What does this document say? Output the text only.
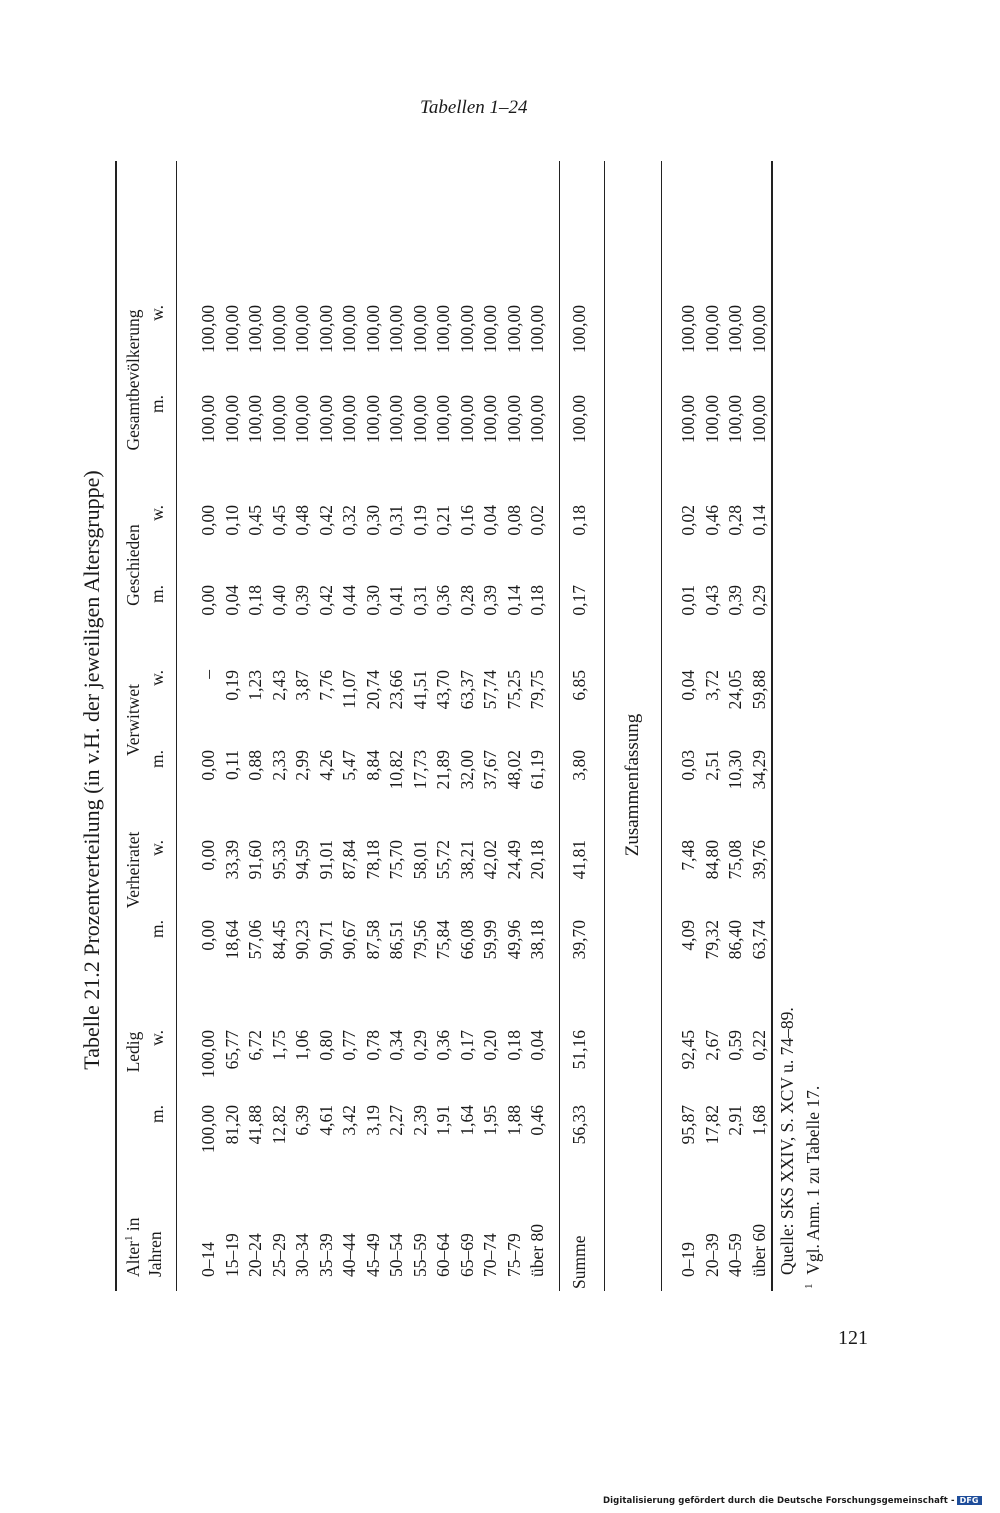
Tabellen 1–24
Tabelle 21.2 Prozentverteilung (in v.H. der jeweiligen Altersgruppe)
Alter$^1$ in
Jahren
Ledig
Verheiratet
Verwitwet
Geschieden
Gesamtbevölkerung
m.
w.
m.
w.
m.
w.
m.
w.
m.
w.
0–14 15–19 20–24 25–29 30–34 35–39 40–44 45–49 50–54 55–59 60–64 65–69 70–74 75–79 über 80
100,00 81,20 41,88 12,82 6,39 4,61 3,42 3,19 2,27 2,39 1,91 1,64 1,95 1,88 0,46
100,00 65,77 6,72 1,75 1,06 0,80 0,77 0,78 0,34 0,29 0,36 0,17 0,20 0,18 0,04
0,00 18,64 57,06 84,45 90,23 90,71 90,67 87,58 86,51 79,56 75,84 66,08 59,99 49,96 38,18
0,00 33,39 91,60 95,33 94,59 91,01 87,84 78,18 75,70 58,01 55,72 38,21 42,02 24,49 20,18
0,00 0,11 0,88 2,33 2,99 4,26 5,47 8,84 10,82 17,73 21,89 32,00 37,67 48,02 61,19
– 0,19 1,23 2,43 3,87 7,76 11,07 20,74 23,66 41,51 43,70 63,37 57,74 75,25 79,75
0,00 0,04 0,18 0,40 0,39 0,42 0,44 0,30 0,41 0,31 0,36 0,28 0,39 0,14 0,18
0,00 0,10 0,45 0,45 0,48 0,42 0,32 0,30 0,31 0,19 0,21 0,16 0,04 0,08 0,02
100,00 100,00 100,00 100,00 100,00 100,00 100,00 100,00 100,00 100,00 100,00 100,00 100,00 100,00 100,00
100,00 100,00 100,00 100,00 100,00 100,00 100,00 100,00 100,00 100,00 100,00 100,00 100,00 100,00 100,00
Summe
56,33
51,16
39,70
41,81
3,80
6,85
0,17
0,18
100,00
100,00
Zusammenfassung
0–19 20–39 40–59 über 60
95,87 17,82 2,91 1,68
92,45 2,67 0,59 0,22
4,09 79,32 86,40 63,74
7,48 84,80 75,08 39,76
0,03 2,51 10,30 34,29
0,04 3,72 24,05 59,88
0,01 0,43 0,39 0,29
0,02 0,46 0,28 0,14
100,00 100,00 100,00 100,00
100,00 100,00 100,00 100,00
Quelle: SKS XXIV, S. XCV u. 74–89.
$^1$  Vgl. Anm. 1 zu Tabelle 17.
121
Digitalisierung gefördert durch die Deutsche Forschungsgemeinschaft - DFG
